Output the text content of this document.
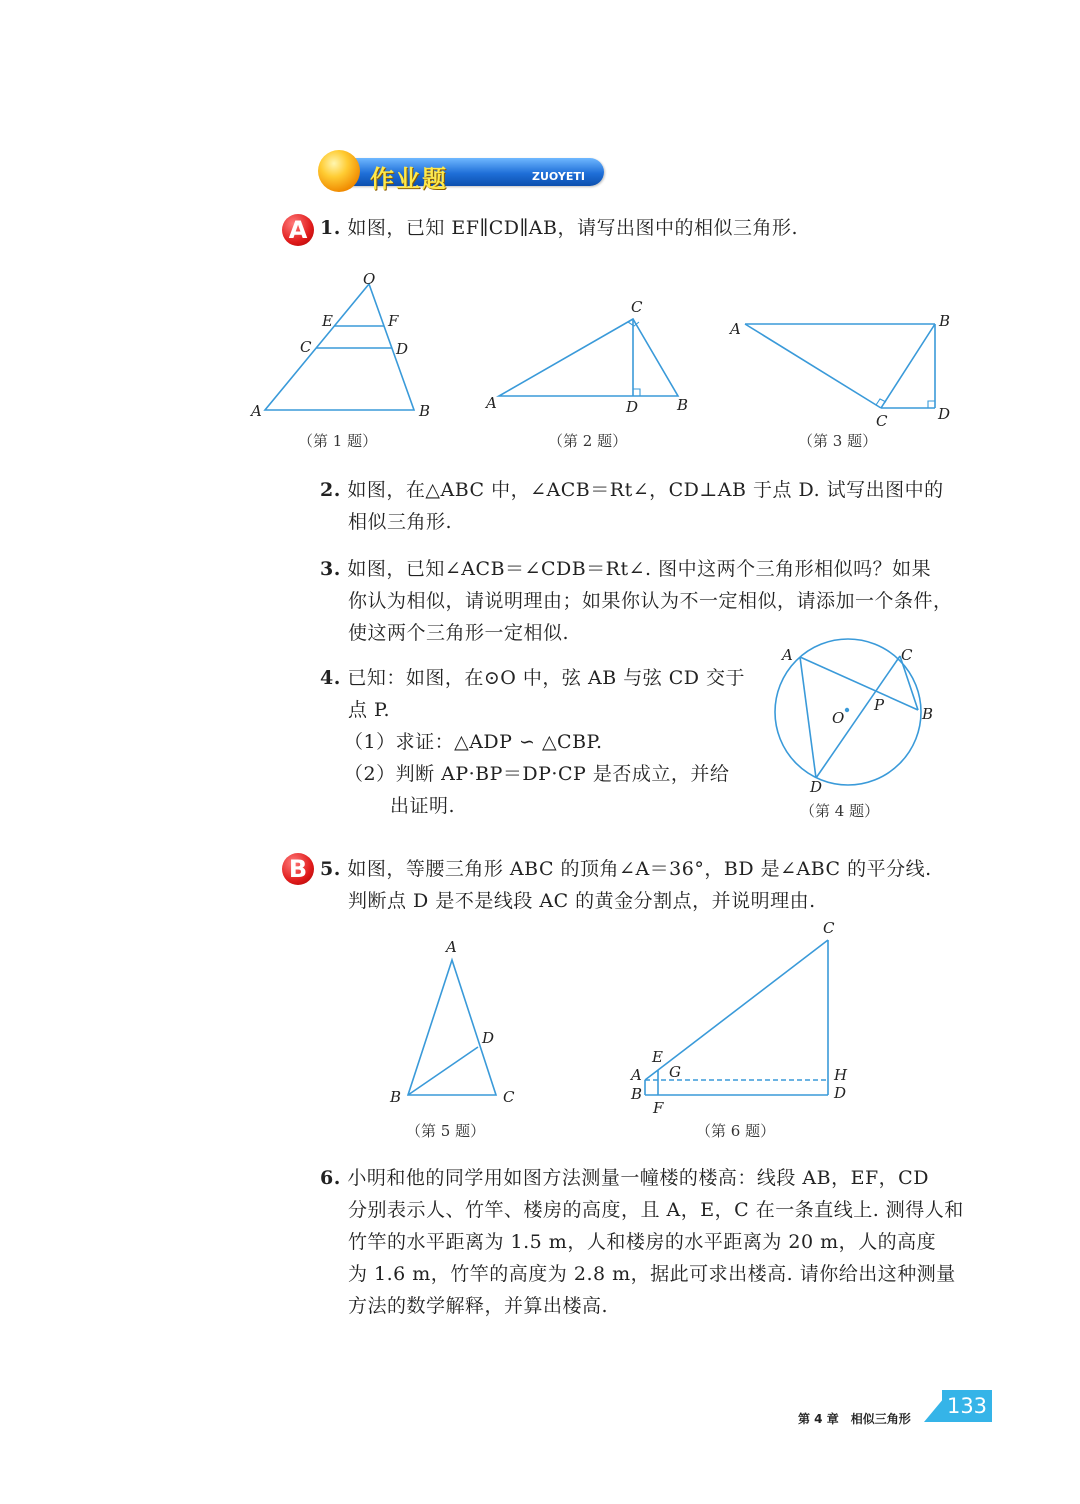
作业题	ZUOYETI
A 1. 如图，已知 EF∥CD∥AB，请写出图中的相似三角形.
O
E	F
C	D
A	B
C
A	D	B
A	B
C	D
（第 1 题）	（第 2 题）	（第 3 题）
2. 如图，在△ABC 中，∠ACB＝Rt∠，CD⊥AB 于点 D. 试写出图中的
相似三角形.
3. 如图，已知∠ACB＝∠CDB＝Rt∠. 图中这两个三角形相似吗？如果
你认为相似，请说明理由；如果你认为不一定相似，请添加一个条件，
使这两个三角形一定相似.
4. 已知：如图，在⊙O 中，弦 AB 与弦 CD 交于
点 P.
（1）求证：△ADP ∽ △CBP.
（2）判断 AP·BP＝DP·CP 是否成立，并给
出证明.
A	C
B
O
P
D
（第 4 题）
B 5. 如图，等腰三角形 ABC 的顶角∠A＝36°，BD 是∠ABC 的平分线.
判断点 D 是不是线段 AC 的黄金分割点，并说明理由.
A
D
B	C
C
E
G
A
B
F
H
D
（第 5 题）	（第 6 题）
6. 小明和他的同学用如图方法测量一幢楼的楼高：线段 AB，EF，CD
分别表示人、竹竿、楼房的高度，且 A，E，C 在一条直线上. 测得人和
竹竿的水平距离为 1.5 m，人和楼房的水平距离为 20 m，人的高度
为 1.6 m，竹竿的高度为 2.8 m，据此可求出楼高. 请你给出这种测量
方法的数学解释，并算出楼高.
第 4 章　相似三角形
133
